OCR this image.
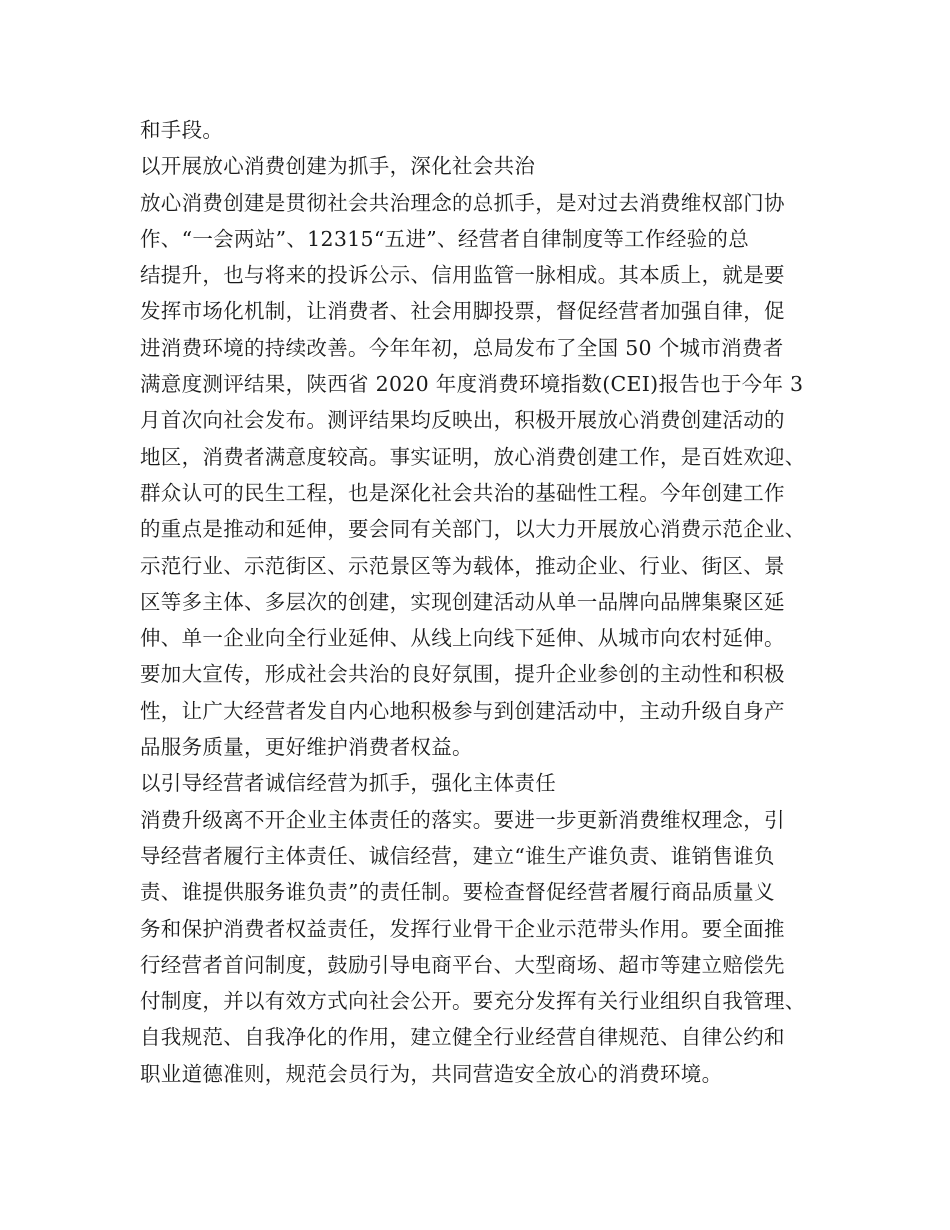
和手段。
以开展放心消费创建为抓手，深化社会共治
放心消费创建是贯彻社会共治理念的总抓手，是对过去消费维权部门协
作、“一会两站”、12315“五进”、经营者自律制度等工作经验的总
结提升，也与将来的投诉公示、信用监管一脉相成。其本质上，就是要
发挥市场化机制，让消费者、社会用脚投票，督促经营者加强自律，促
进消费环境的持续改善。今年年初，总局发布了全国 50 个城市消费者
满意度测评结果，陕西省 2020 年度消费环境指数(CEI)报告也于今年 3
月首次向社会发布。测评结果均反映出，积极开展放心消费创建活动的
地区，消费者满意度较高。事实证明，放心消费创建工作，是百姓欢迎、
群众认可的民生工程，也是深化社会共治的基础性工程。今年创建工作
的重点是推动和延伸，要会同有关部门，以大力开展放心消费示范企业、
示范行业、示范街区、示范景区等为载体，推动企业、行业、街区、景
区等多主体、多层次的创建，实现创建活动从单一品牌向品牌集聚区延
伸、单一企业向全行业延伸、从线上向线下延伸、从城市向农村延伸。
要加大宣传，形成社会共治的良好氛围，提升企业参创的主动性和积极
性，让广大经营者发自内心地积极参与到创建活动中，主动升级自身产
品服务质量，更好维护消费者权益。
以引导经营者诚信经营为抓手，强化主体责任
消费升级离不开企业主体责任的落实。要进一步更新消费维权理念，引
导经营者履行主体责任、诚信经营，建立“谁生产谁负责、谁销售谁负
责、谁提供服务谁负责”的责任制。要检查督促经营者履行商品质量义
务和保护消费者权益责任，发挥行业骨干企业示范带头作用。要全面推
行经营者首问制度，鼓励引导电商平台、大型商场、超市等建立赔偿先
付制度，并以有效方式向社会公开。要充分发挥有关行业组织自我管理、
自我规范、自我净化的作用，建立健全行业经营自律规范、自律公约和
职业道德准则，规范会员行为，共同营造安全放心的消费环境。
